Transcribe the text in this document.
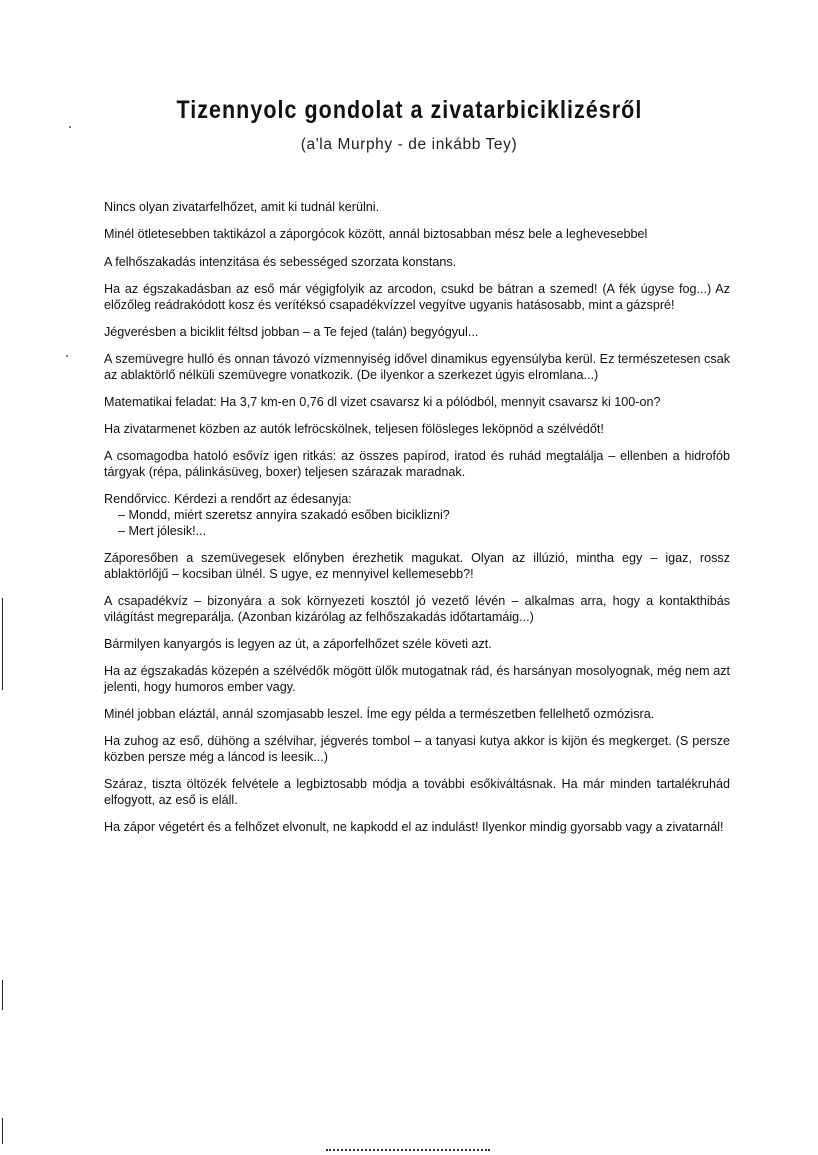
Tizennyolc gondolat a zivatarbiciklizésről
(a'la Murphy - de inkább Tey)

Nincs olyan zivatarfelhőzet, amit ki tudnál kerülni.

Minél ötletesebben taktikázol a záporgócok között, annál biztosabban mész bele a leghevesebbel

A felhőszakadás intenzitása és sebességed szorzata konstans.

Ha az égszakadásban az eső már végigfolyik az arcodon, csukd be bátran a szemed! (A fék úgyse fog...) Az előzőleg reádrakódott kosz és verítéksó csapadékvízzel vegyítve ugyanis hatásosabb, mint a gázspré!

Jégverésben a biciklit féltsd jobban – a Te fejed (talán) begyógyul...

A szemüvegre hulló és onnan távozó vízmennyiség idővel dinamikus egyensúlyba kerül. Ez természetesen csak az ablaktörlő nélküli szemüvegre vonatkozik. (De ilyenkor a szerkezet úgyis elromlana...)

Matematikai feladat: Ha 3,7 km-en 0,76 dl vizet csavarsz ki a pólódból, mennyit csavarsz ki 100-on?

Ha zivatarmenet közben az autók lefröcskölnek, teljesen fölösleges leköpnöd a szélvédőt!

A csomagodba hatoló esővíz igen ritkás: az összes papírod, iratod és ruhád megtalálja – ellenben a hidrofób tárgyak (répa, pálinkásüveg, boxer) teljesen szárazak maradnak.

Rendőrvicc. Kérdezi a rendőrt az édesanyja:
– Mondd, miért szeretsz annyira szakadó esőben biciklizni?
– Mert jólesik!...

Záporesőben a szemüvegesek előnyben érezhetik magukat. Olyan az illúzió, mintha egy – igaz, rossz ablaktörlőjű – kocsiban ülnél. S ugye, ez mennyivel kellemesebb?!

A csapadékvíz – bizonyára a sok környezeti kosztól jó vezető lévén – alkalmas arra, hogy a kontakthibás világítást megreparálja. (Azonban kizárólag az felhőszakadás időtartamáig...)

Bármilyen kanyargós is legyen az út, a záporfelhőzet széle követi azt.

Ha az égszakadás közepén a szélvédők mögött ülők mutogatnak rád, és harsányan mosolyognak, még nem azt jelenti, hogy humoros ember vagy.

Minél jobban eláztál, annál szomjasabb leszel. Íme egy példa a természetben fellelhető ozmózisra.

Ha zuhog az eső, dühöng a szélvihar, jégverés tombol – a tanyasi kutya akkor is kijön és megkerget. (S persze közben persze még a láncod is leesik...)

Száraz, tiszta öltözék felvétele a legbiztosabb módja a további esőkiváltásnak. Ha már minden tartalékruhád elfogyott, az eső is eláll.

Ha zápor végetért és a felhőzet elvonult, ne kapkodd el az indulást! Ilyenkor mindig gyorsabb vagy a zivatarnál!
